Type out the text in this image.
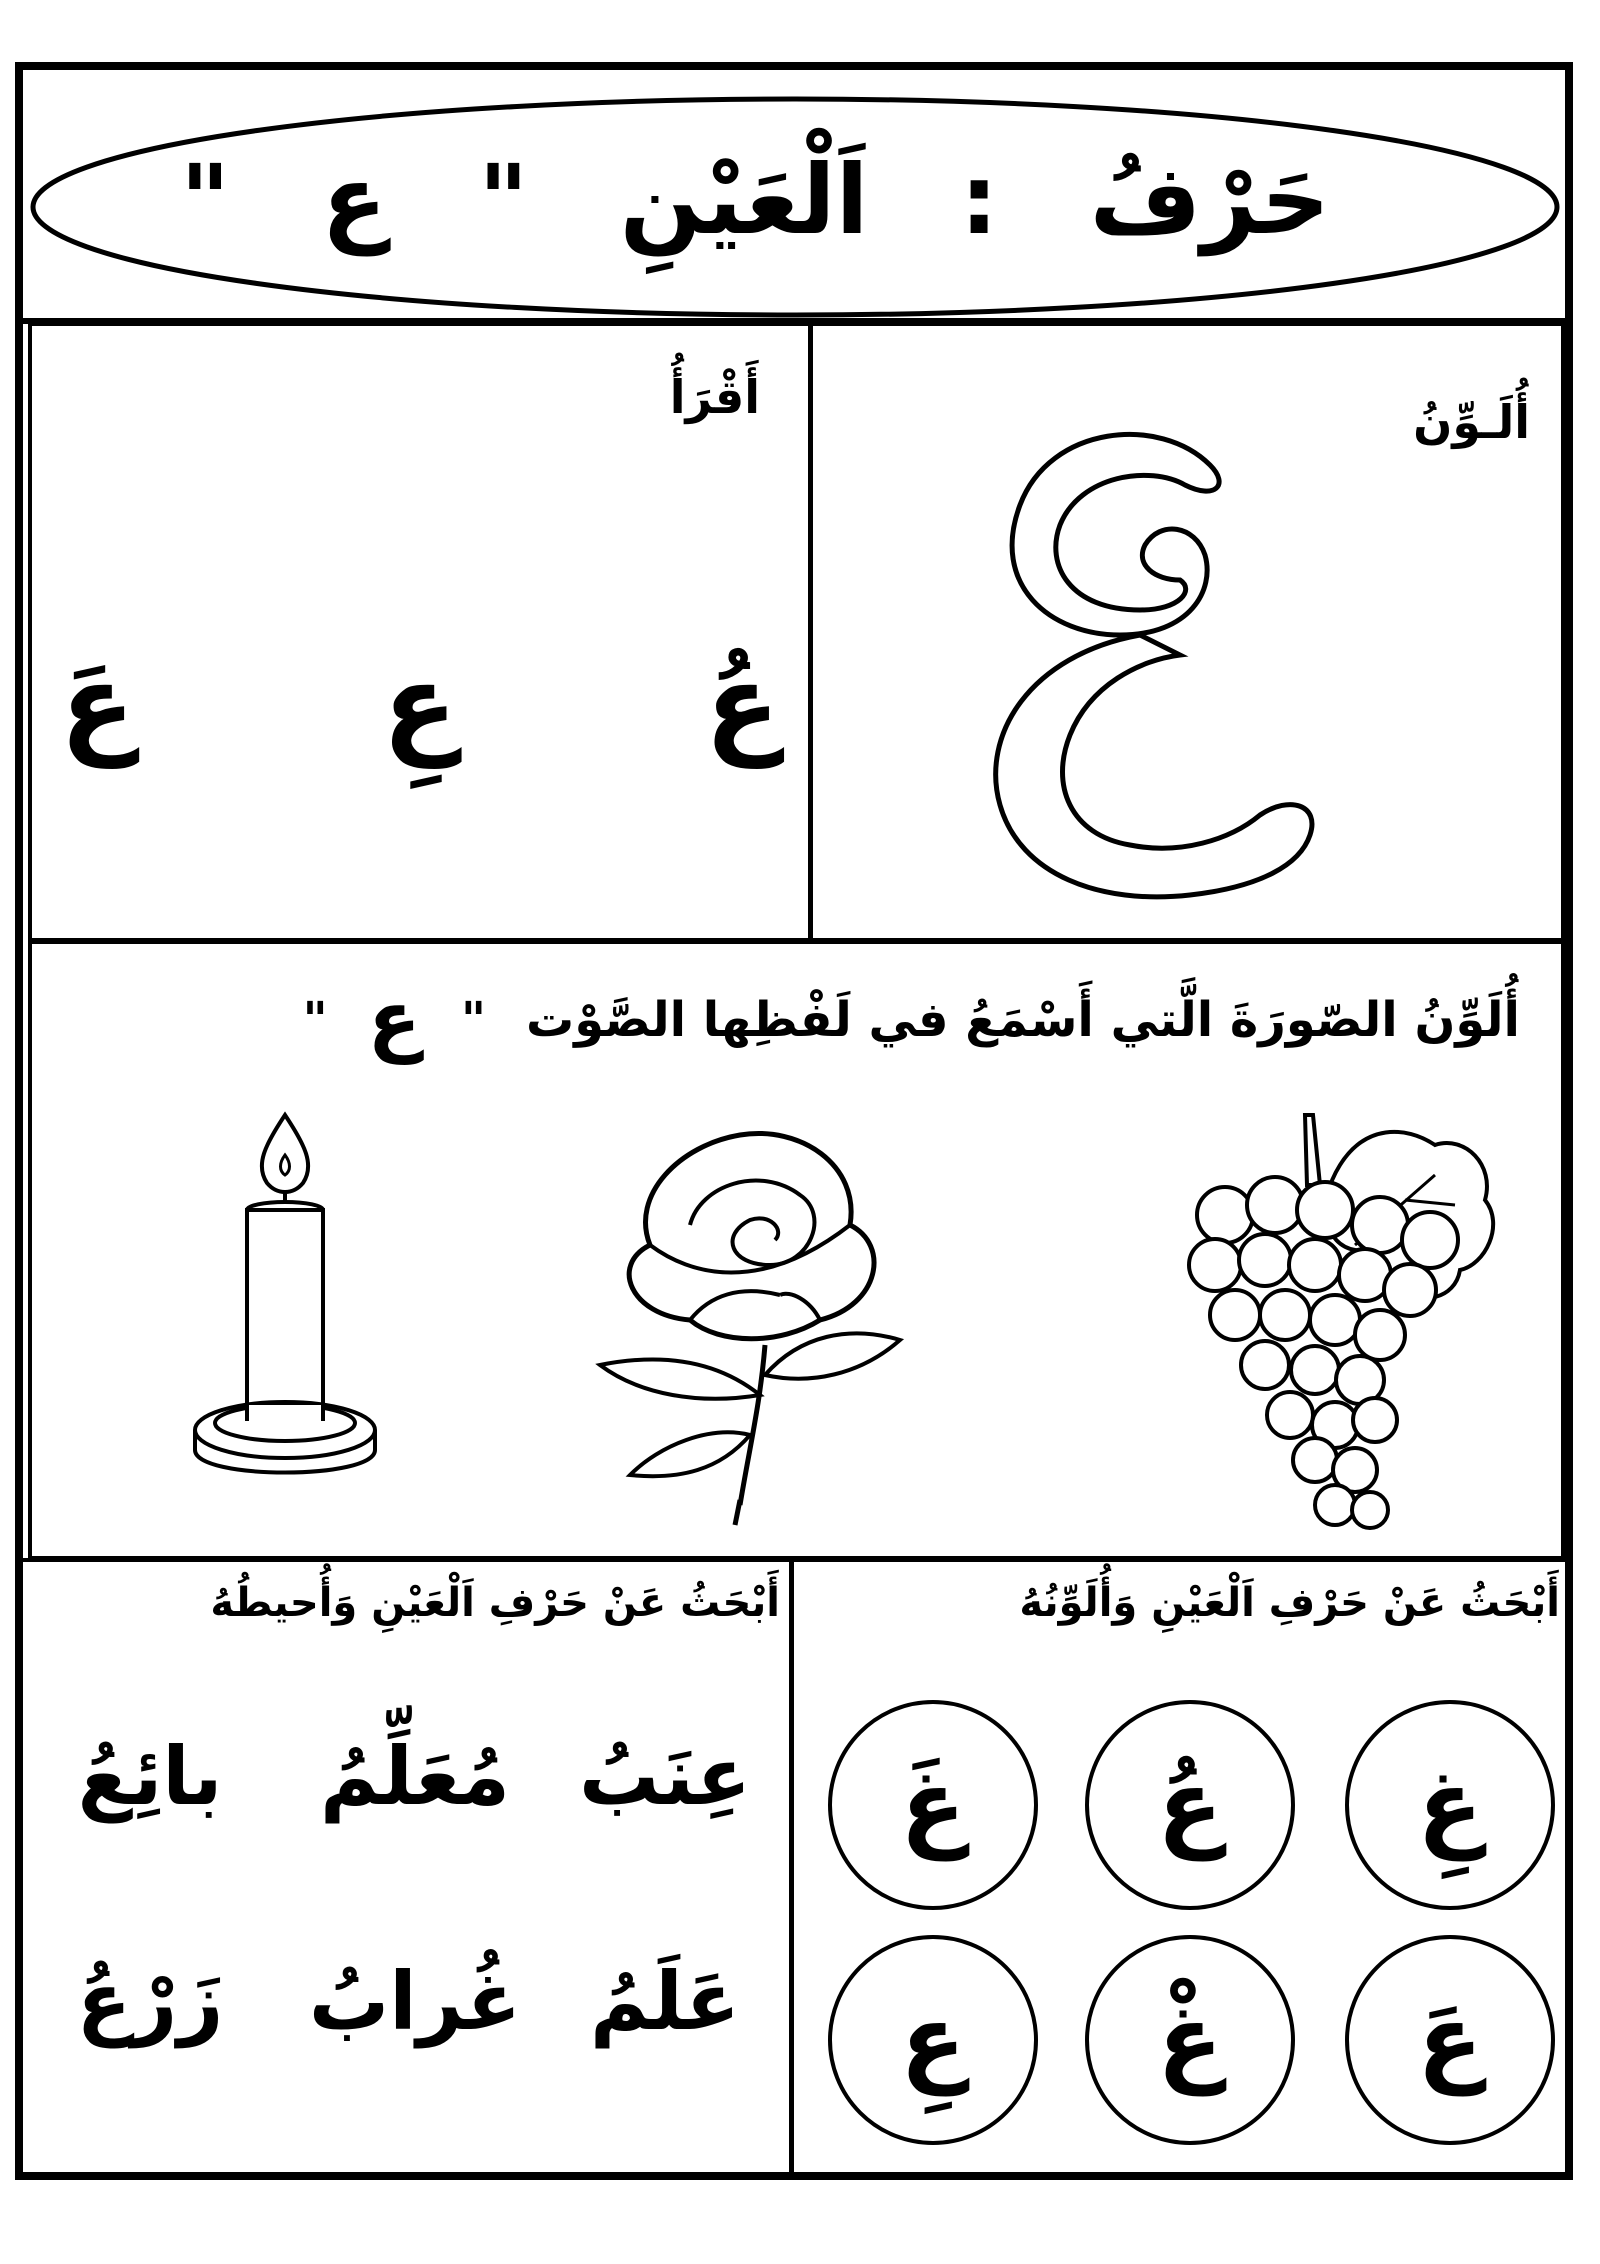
حَرْفُ
:
اَلْعَيْنِ
"
ع
"
أُلَـوِّنُ
أَقْرَأُ
عُ
عِ
عَ
أُلَوِّنُ الصّورَةَ الَّتي أَسْمَعُ في لَفْظِها الصَّوْت
"
ع
"
أَبْحَثُ عَنْ حَرْفِ اَلْعَيْنِ وَأُلَوِّنُهُ
أَبْحَثُ عَنْ حَرْفِ اَلْعَيْنِ وَأُحيطُهُ
غِ
عُ
غَ
عَ
غْ
عِ
بائِعُ	مُعَلِّمُ عِنَبُ
زَرْعُ	غُرابُ عَلَمُ
